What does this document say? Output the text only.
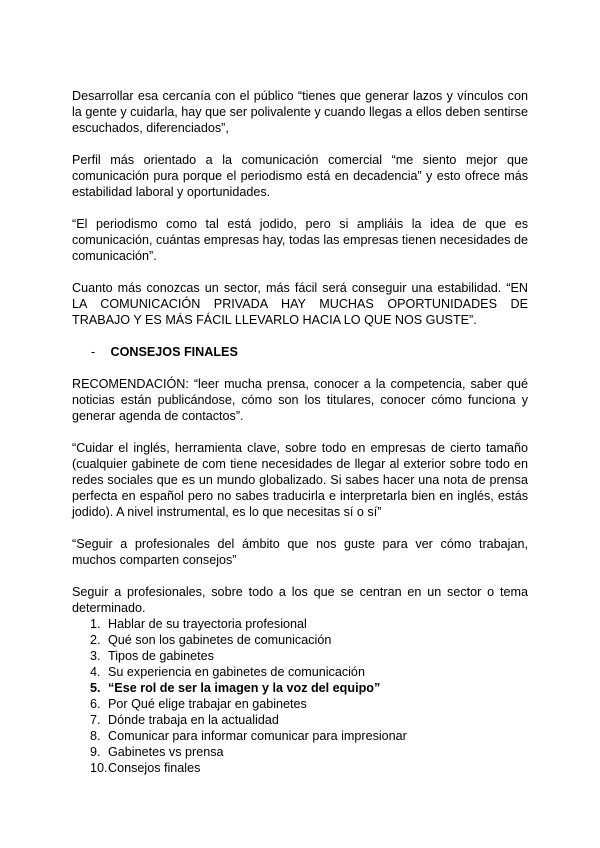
Desarrollar esa cercanía con el público “tienes que generar lazos y vínculos con la gente y cuidarla, hay que ser polivalente y cuando llegas a ellos deben sentirse escuchados, diferenciados”,

Perfil más orientado a la comunicación comercial “me siento mejor que comunicación pura porque el periodismo está en decadencia” y esto ofrece más estabilidad laboral y oportunidades.

“El periodismo como tal está jodido, pero si ampliáis la idea de que es comunicación, cuántas empresas hay, todas las empresas tienen necesidades de comunicación”.

Cuanto más conozcas un sector, más fácil será conseguir una estabilidad. “EN LA COMUNICACIÓN PRIVADA HAY MUCHAS OPORTUNIDADES DE TRABAJO Y ES MÁS FÁCIL LLEVARLO HACIA LO QUE NOS GUSTE”.

- CONSEJOS FINALES

RECOMENDACIÓN: “leer mucha prensa, conocer a la competencia, saber qué noticias están publicándose, cómo son los titulares, conocer cómo funciona y generar agenda de contactos”.

“Cuidar el inglés, herramienta clave, sobre todo en empresas de cierto tamaño (cualquier gabinete de com tiene necesidades de llegar al exterior sobre todo en redes sociales que es un mundo globalizado. Si sabes hacer una nota de prensa perfecta en español pero no sabes traducirla e interpretarla bien en inglés, estás jodido). A nivel instrumental, es lo que necesitas sí o sí”

“Seguir a profesionales del ámbito que nos guste para ver cómo trabajan, muchos comparten consejos”

Seguir a profesionales, sobre todo a los que se centran en un sector o tema determinado.

1. Hablar de su trayectoria profesional
2. Qué son los gabinetes de comunicación
3. Tipos de gabinetes
4. Su experiencia en gabinetes de comunicación
5. “Ese rol de ser la imagen y la voz del equipo”
6. Por Qué elige trabajar en gabinetes
7. Dónde trabaja en la actualidad
8. Comunicar para informar comunicar para impresionar
9. Gabinetes vs prensa
10.Consejos finales
